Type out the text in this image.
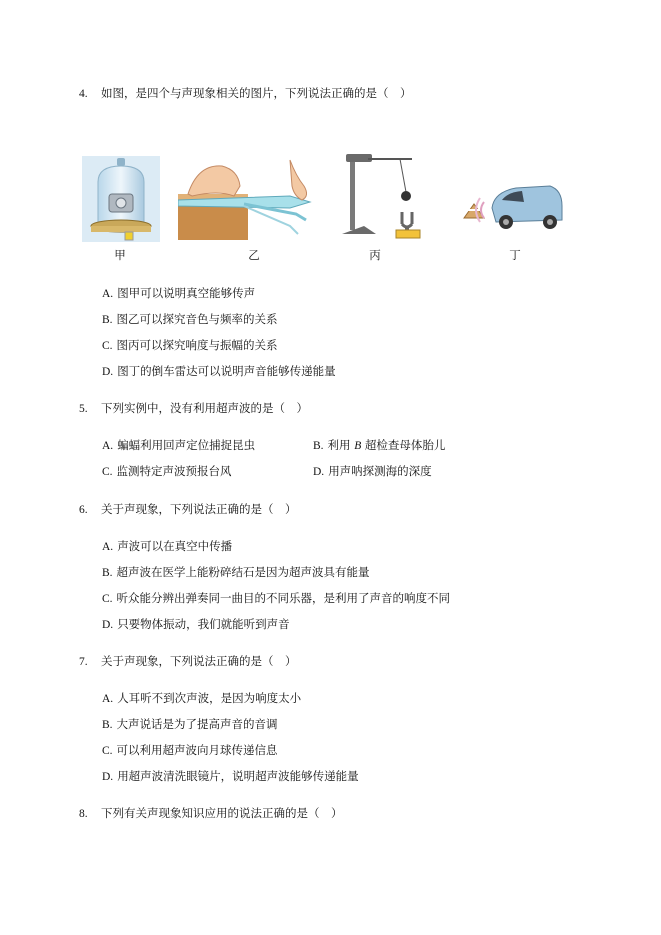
4. 如图，是四个与声现象相关的图片，下列说法正确的是（　）
甲	乙	丙	丁
A. 图甲可以说明真空能够传声
B. 图乙可以探究音色与频率的关系
C. 图丙可以探究响度与振幅的关系
D. 图丁的倒车雷达可以说明声音能够传递能量
5. 下列实例中，没有利用超声波的是（　）
A. 蝙蝠利用回声定位捕捉昆虫	B. 利用 B 超检查母体胎儿
C. 监测特定声波预报台风	D. 用声呐探测海的深度
6. 关于声现象，下列说法正确的是（　）
A. 声波可以在真空中传播
B. 超声波在医学上能粉碎结石是因为超声波具有能量
C. 听众能分辨出弹奏同一曲目的不同乐器，是利用了声音的响度不同
D. 只要物体振动，我们就能听到声音
7. 关于声现象，下列说法正确的是（　）
A. 人耳听不到次声波，是因为响度太小
B. 大声说话是为了提高声音的音调
C. 可以利用超声波向月球传递信息
D. 用超声波清洗眼镜片，说明超声波能够传递能量
8. 下列有关声现象知识应用的说法正确的是（　）
